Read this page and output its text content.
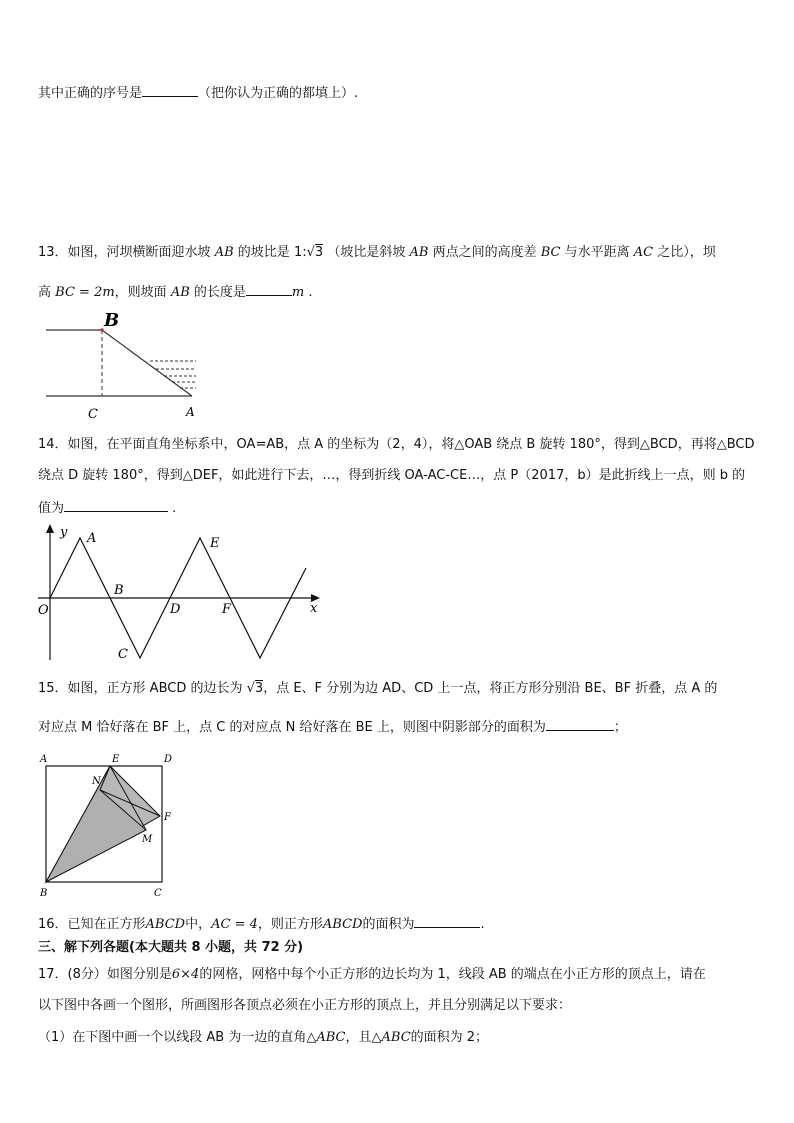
其中正确的序号是	（把你认为正确的都填上）.
13．如图，河坝横断面迎水坡 AB 的坡比是 1:√3 （坡比是斜坡 AB 两点之间的高度差 BC 与水平距离 AC 之比），坝
高 BC = 2m，则坡面 AB 的长度是	m .
B
C	A
14．如图，在平面直角坐标系中，OA=AB，点 A 的坐标为（2，4），将△OAB 绕点 B 旋转 180°，得到△BCD，再将△BCD
绕点 D 旋转 180°，得到△DEF，如此进行下去，…，得到折线 OA-AC-CE…，点 P（2017，b）是此折线上一点，则 b 的
值为	.
y
x
O
A
B
C
D
E
F
15．如图，正方形 ABCD 的边长为 √3，点 E、F 分别为边 AD、CD 上一点，将正方形分别沿 BE、BF 折叠，点 A 的
对应点 M 恰好落在 BF 上，点 C 的对应点 N 给好落在 BE 上，则图中阴影部分的面积为	；
A	E	D
N
F
M
B	C
16．已知在正方形ABCD中，AC = 4，则正方形ABCD的面积为	.
三、解下列各题(本大题共 8 小题，共 72 分)
17．(8分）如图分别是6×4的网格，网格中每个小正方形的边长均为 1，线段 AB 的端点在小正方形的顶点上，请在
以下图中各画一个图形，所画图形各顶点必须在小正方形的顶点上，并且分别满足以下要求：
（1）在下图中画一个以线段 AB 为一边的直角△ABC，且△ABC的面积为 2；
